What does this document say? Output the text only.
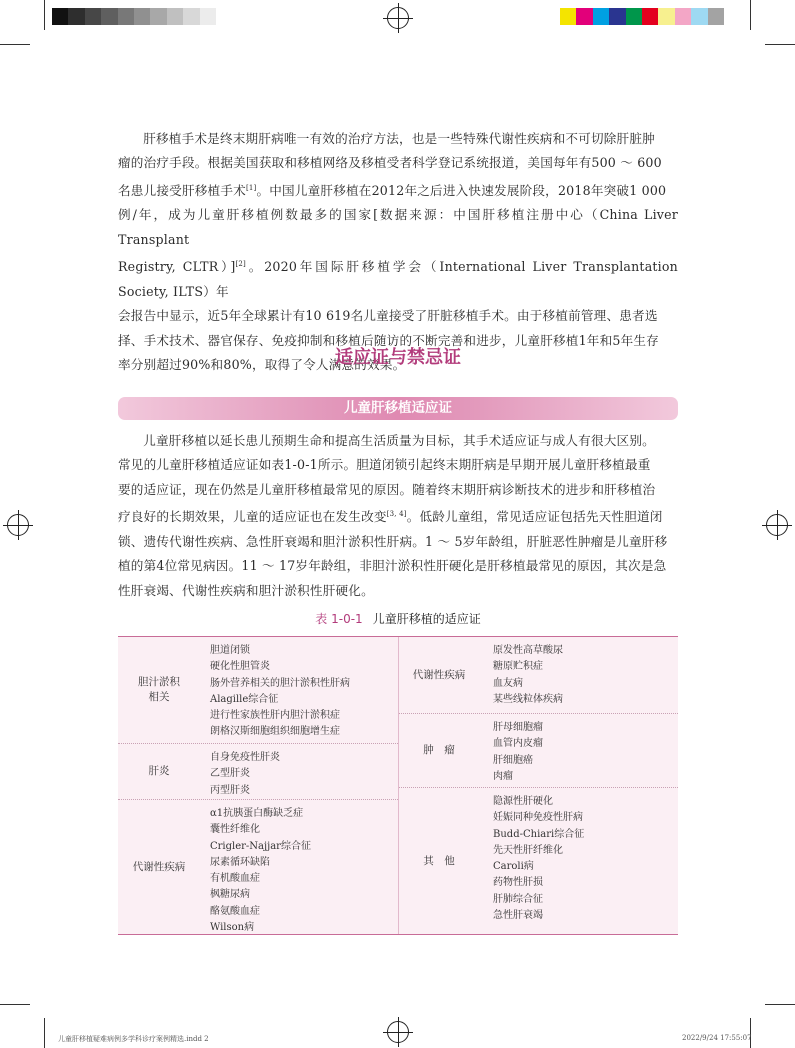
肝移植手术是终末期肝病唯一有效的治疗方法，也是一些特殊代谢性疾病和不可切除肝脏肿

瘤的治疗手段。根据美国获取和移植网络及移植受者科学登记系统报道，美国每年有500 ～ 600
名患儿接受肝移植手术[1]。中国儿童肝移植在2012年之后进入快速发展阶段，2018年突破1 000
例/年，成为儿童肝移植例数最多的国家[数据来源：中国肝移植注册中心（China Liver Transplant
Registry, CLTR）][2]。2020年国际肝移植学会（International Liver Transplantation Society, ILTS）年
会报告中显示，近5年全球累计有10 619名儿童接受了肝脏移植手术。由于移植前管理、患者选
择、手术技术、器官保存、免疫抑制和移植后随访的不断完善和进步，儿童肝移植1年和5年生存
率分别超过90%和80%，取得了令人满意的效果。
适应证与禁忌证
儿童肝移植适应证

儿童肝移植以延长患儿预期生命和提高生活质量为目标，其手术适应证与成人有很大区别。

常见的儿童肝移植适应证如表1-0-1所示。胆道闭锁引起终末期肝病是早期开展儿童肝移植最重
要的适应证，现在仍然是儿童肝移植最常见的原因。随着终末期肝病诊断技术的进步和肝移植治
疗良好的长期效果，儿童的适应证也在发生改变[3, 4]。低龄儿童组，常见适应证包括先天性胆道闭
锁、遗传代谢性疾病、急性肝衰竭和胆汁淤积性肝病。1 ～ 5岁年龄组，肝脏恶性肿瘤是儿童肝移
植的第4位常见病因。11 ～ 17岁年龄组，非胆汁淤积性肝硬化是肝移植最常见的原因，其次是急
性肝衰竭、代谢性疾病和胆汁淤积性肝硬化。
表 1-0-1 儿童肝移植的适应证
胆汁淤积
相关
胆道闭锁
硬化性胆管炎
肠外营养相关的胆汁淤积性肝病
Alagille综合征
进行性家族性肝内胆汁淤积症
朗格汉斯细胞组织细胞增生症
肝炎
自身免疫性肝炎
乙型肝炎
丙型肝炎
代谢性疾病
α1抗胰蛋白酶缺乏症
囊性纤维化
Crigler-Najjar综合征
尿素循环缺陷
有机酸血症
枫糖尿病
酪氨酸血症
Wilson病
代谢性疾病
原发性高草酸尿
糖原贮积症
血友病
某些线粒体疾病
肿　瘤
肝母细胞瘤
血管内皮瘤
肝细胞癌
肉瘤
其　他
隐源性肝硬化
妊娠同种免疫性肝病
Budd-Chiari综合征
先天性肝纤维化
Caroli病
药物性肝损
肝肺综合征
急性肝衰竭
儿童肝移植疑难病例多学科诊疗案例精选.indd 2	2022/9/24 17:55:07
